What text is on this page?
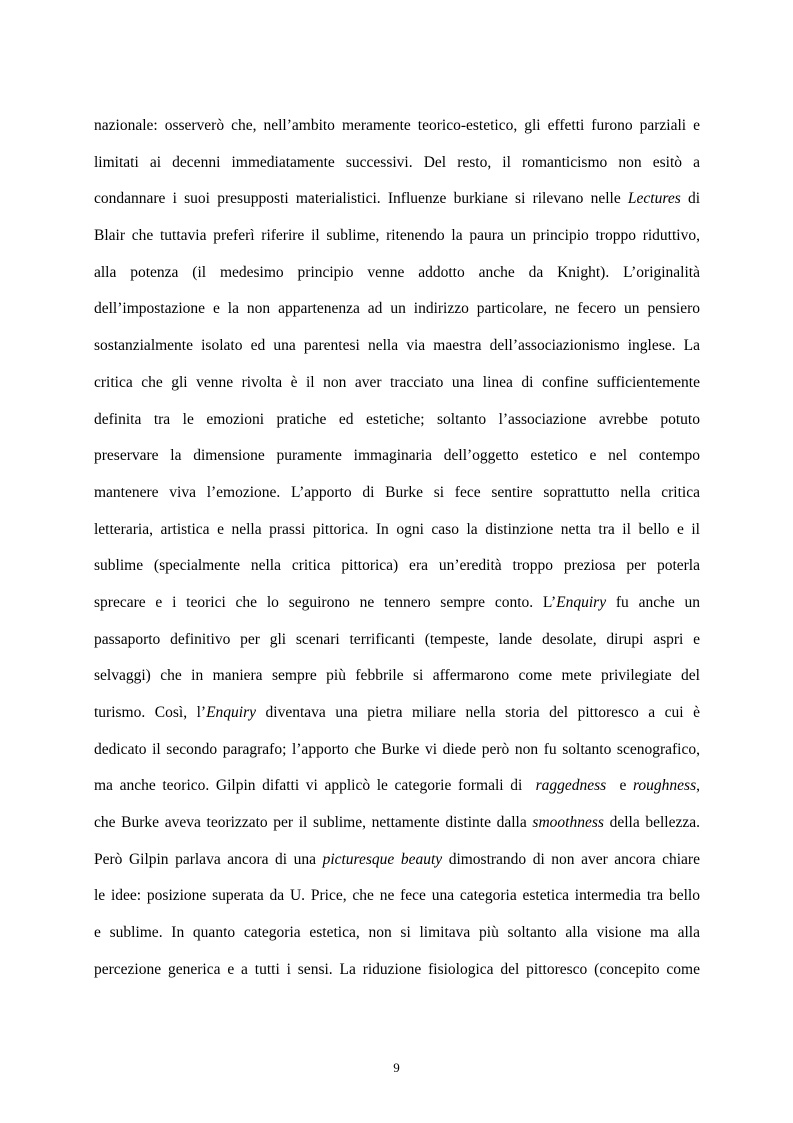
nazionale: osserverò che, nell’ambito meramente teorico-estetico, gli effetti furono parziali e
limitati ai decenni immediatamente successivi. Del resto, il romanticismo non esitò a
condannare i suoi presupposti materialistici. Influenze burkiane si rilevano nelle Lectures di
Blair che tuttavia preferì riferire il sublime, ritenendo la paura un principio troppo riduttivo,
alla potenza (il medesimo principio venne addotto anche da Knight). L’originalità
dell’impostazione e la non appartenenza ad un indirizzo particolare, ne fecero un pensiero
sostanzialmente isolato ed una parentesi nella via maestra dell’associazionismo inglese. La
critica che gli venne rivolta è il non aver tracciato una linea di confine sufficientemente
definita tra le emozioni pratiche ed estetiche; soltanto l’associazione avrebbe potuto
preservare la dimensione puramente immaginaria dell’oggetto estetico e nel contempo
mantenere viva l’emozione. L’apporto di Burke si fece sentire soprattutto nella critica
letteraria, artistica e nella prassi pittorica. In ogni caso la distinzione netta tra il bello e il
sublime (specialmente nella critica pittorica) era un’eredità troppo preziosa per poterla
sprecare e i teorici che lo seguirono ne tennero sempre conto. L’Enquiry fu anche un
passaporto definitivo per gli scenari terrificanti (tempeste, lande desolate, dirupi aspri e
selvaggi) che in maniera sempre più febbrile si affermarono come mete privilegiate del
turismo. Così, l’Enquiry diventava una pietra miliare nella storia del pittoresco a cui è
dedicato il secondo paragrafo; l’apporto che Burke vi diede però non fu soltanto scenografico,
ma anche teorico. Gilpin difatti vi applicò le categorie formali di  raggedness  e roughness,
che Burke aveva teorizzato per il sublime, nettamente distinte dalla smoothness della bellezza.
Però Gilpin parlava ancora di una picturesque beauty dimostrando di non aver ancora chiare
le idee: posizione superata da U. Price, che ne fece una categoria estetica intermedia tra bello
e sublime. In quanto categoria estetica, non si limitava più soltanto alla visione ma alla
percezione generica e a tutti i sensi. La riduzione fisiologica del pittoresco (concepito come
9
